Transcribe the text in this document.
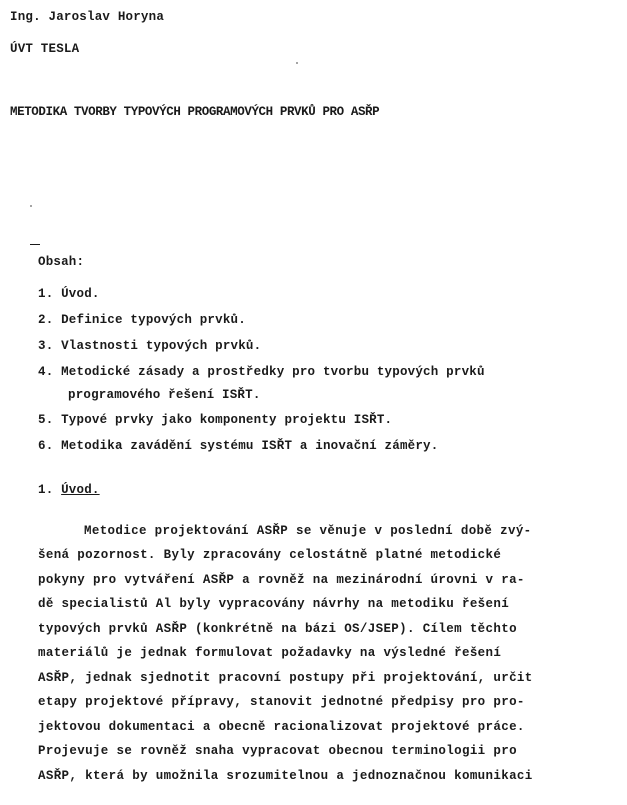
Ing. Jaroslav Horyna
ÚVT TESLA
METODIKA TVORBY TYPOVÝCH PROGRAMOVÝCH PRVKŮ PRO ASŘP
Obsah:
1. Úvod.
2. Definice typových prvků.
3. Vlastnosti typových prvků.
4. Metodické zásady a prostředky pro tvorbu typových prvků
programového řešení ISŘT.
5. Typové prvky jako komponenty projektu ISŘT.
6. Metodika zavádění systému ISŘT a inovační záměry.
1. Úvod.
Metodice projektování ASŘP se věnuje v poslední době zvý-
šená pozornost. Byly zpracovány celostátně platné metodické
pokyny pro vytváření ASŘP a rovněž na mezinárodní úrovni v ra-
dě specialistů Al byly vypracovány návrhy na metodiku řešení
typových prvků ASŘP (konkrétně na bázi OS/JSEP). Cílem těchto
materiálů je jednak formulovat požadavky na výsledné řešení
ASŘP, jednak sjednotit pracovní postupy při projektování, určit
etapy projektové přípravy, stanovit jednotné předpisy pro pro-
jektovou dokumentaci a obecně racionalizovat projektové práce.
Projevuje se rovněž snaha vypracovat obecnou terminologii pro
ASŘP, která by umožnila srozumitelnou a jednoznačnou komunikaci
